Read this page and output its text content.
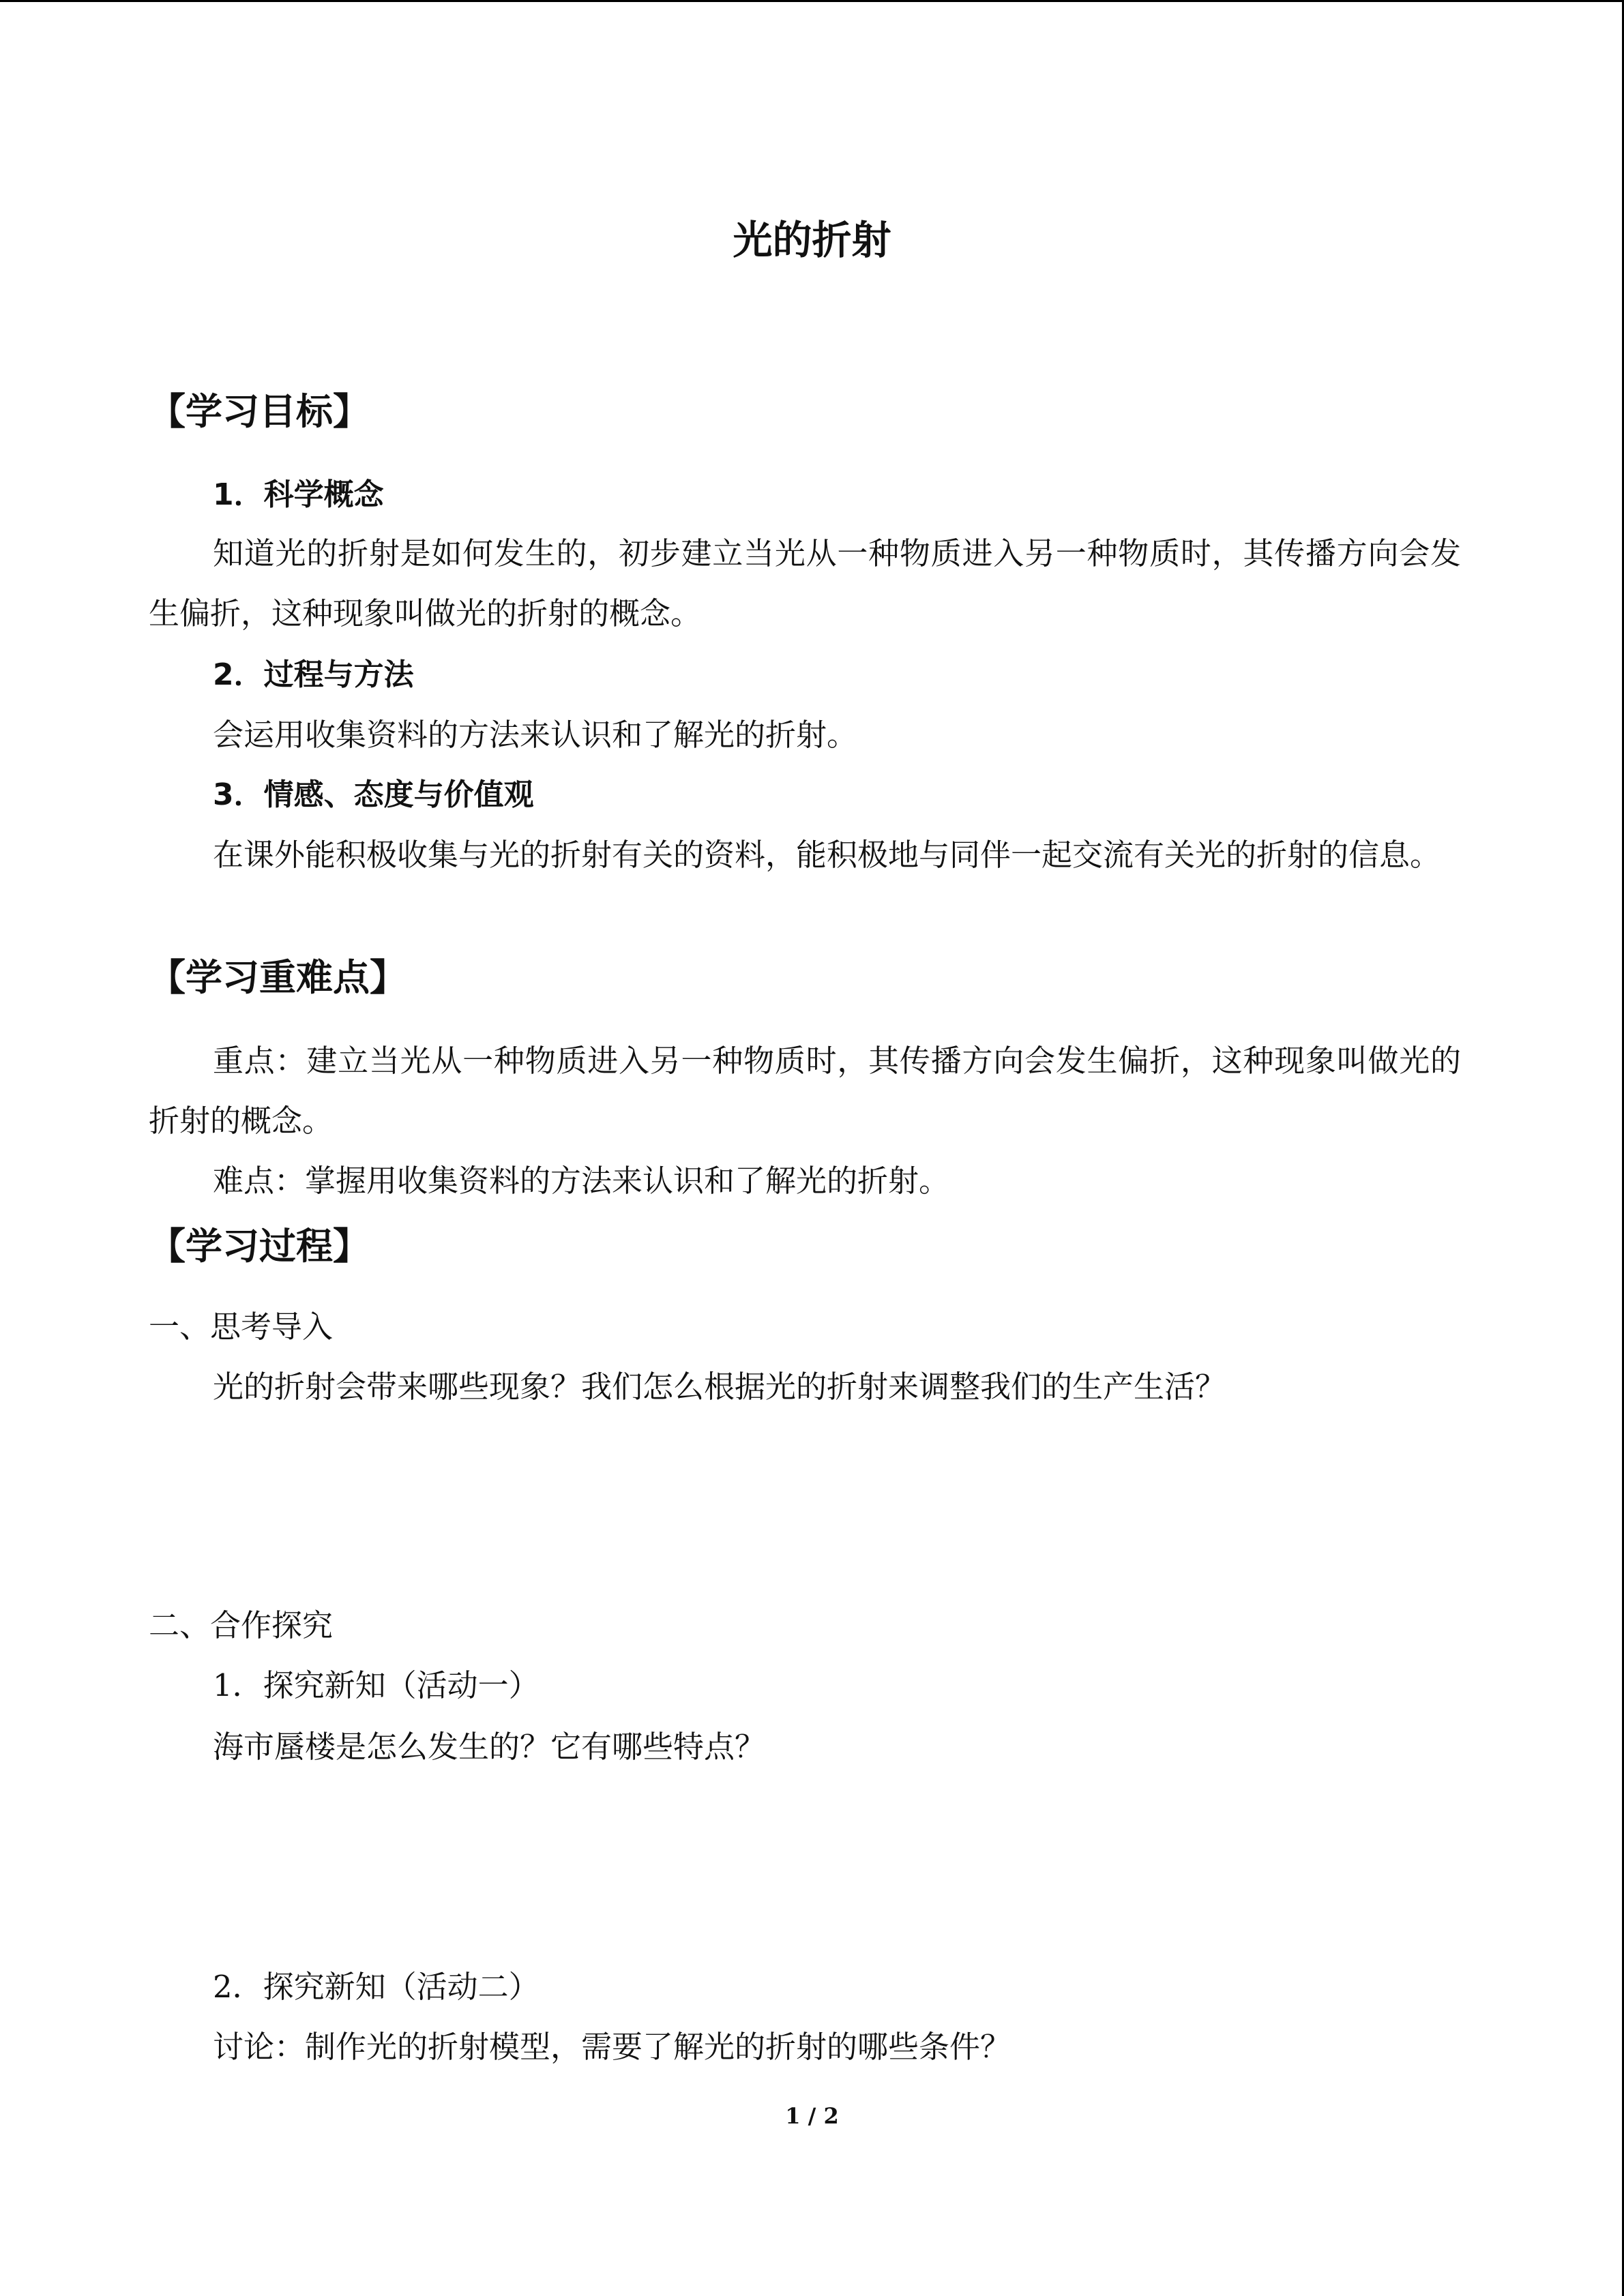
光的折射
【学习目标】
1．科学概念
知道光的折射是如何发生的，初步建立当光从一种物质进入另一种物质时，其传播方向会发生偏折，这种现象叫做光的折射的概念。
2．过程与方法
会运用收集资料的方法来认识和了解光的折射。
3．情感、态度与价值观
在课外能积极收集与光的折射有关的资料，能积极地与同伴一起交流有关光的折射的信息。
【学习重难点】
重点：建立当光从一种物质进入另一种物质时，其传播方向会发生偏折，这种现象叫做光的折射的概念。
难点：掌握用收集资料的方法来认识和了解光的折射。
【学习过程】
一、思考导入
光的折射会带来哪些现象？我们怎么根据光的折射来调整我们的生产生活？
二、合作探究
1．探究新知（活动一）
海市蜃楼是怎么发生的？它有哪些特点？
2．探究新知（活动二）
讨论：制作光的折射模型，需要了解光的折射的哪些条件？
1 / 2
